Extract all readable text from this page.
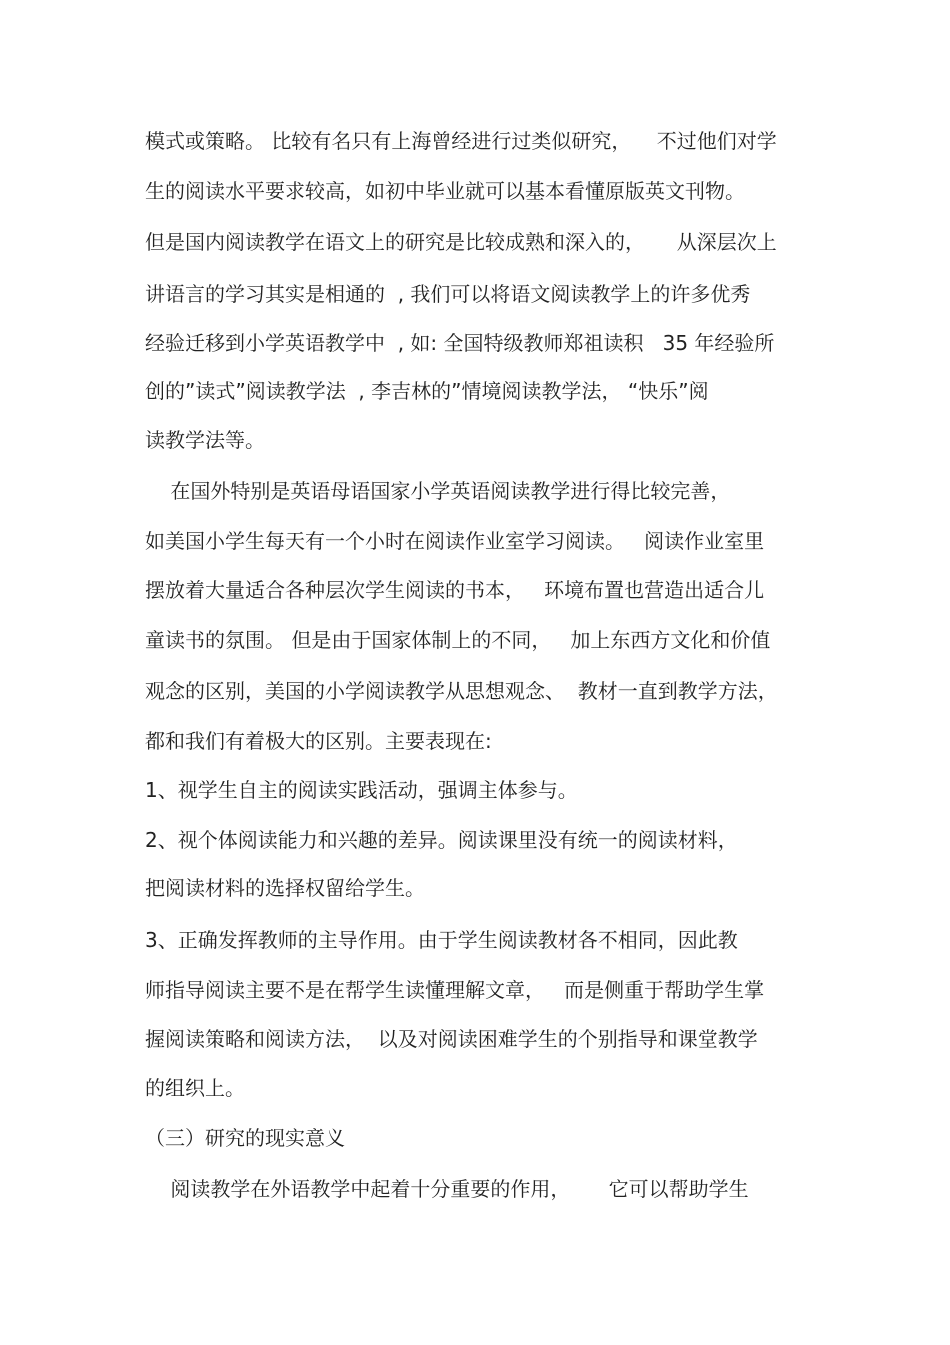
模式或策略。 比较有名只有上海曾经进行过类似研究，    不过他们对学
生的阅读水平要求较高，如初中毕业就可以基本看懂原版英文刊物。
但是国内阅读教学在语文上的研究是比较成熟和深入的，     从深层次上
讲语言的学习其实是相通的  , 我们可以将语文阅读教学上的许多优秀
经验迁移到小学英语教学中  , 如: 全国特级教师郑祖读积   35 年经验所
创的”读式”阅读教学法  , 李吉林的”情境阅读教学法， “快乐”阅
读教学法等。
在国外特别是英语母语国家小学英语阅读教学进行得比较完善，
如美国小学生每天有一个小时在阅读作业室学习阅读。   阅读作业室里
摆放着大量适合各种层次学生阅读的书本，   环境布置也营造出适合儿
童读书的氛围。 但是由于国家体制上的不同，   加上东西方文化和价值
观念的区别，美国的小学阅读教学从思想观念、  教材一直到教学方法，
都和我们有着极大的区别。主要表现在:
1、视学生自主的阅读实践活动，强调主体参与。
2、视个体阅读能力和兴趣的差异。阅读课里没有统一的阅读材料，
把阅读材料的选择权留给学生。
3、正确发挥教师的主导作用。由于学生阅读教材各不相同，因此教
师指导阅读主要不是在帮学生读懂理解文章，   而是侧重于帮助学生掌
握阅读策略和阅读方法，  以及对阅读困难学生的个别指导和课堂教学
的组织上。
（三）研究的现实意义
阅读教学在外语教学中起着十分重要的作用，      它可以帮助学生
